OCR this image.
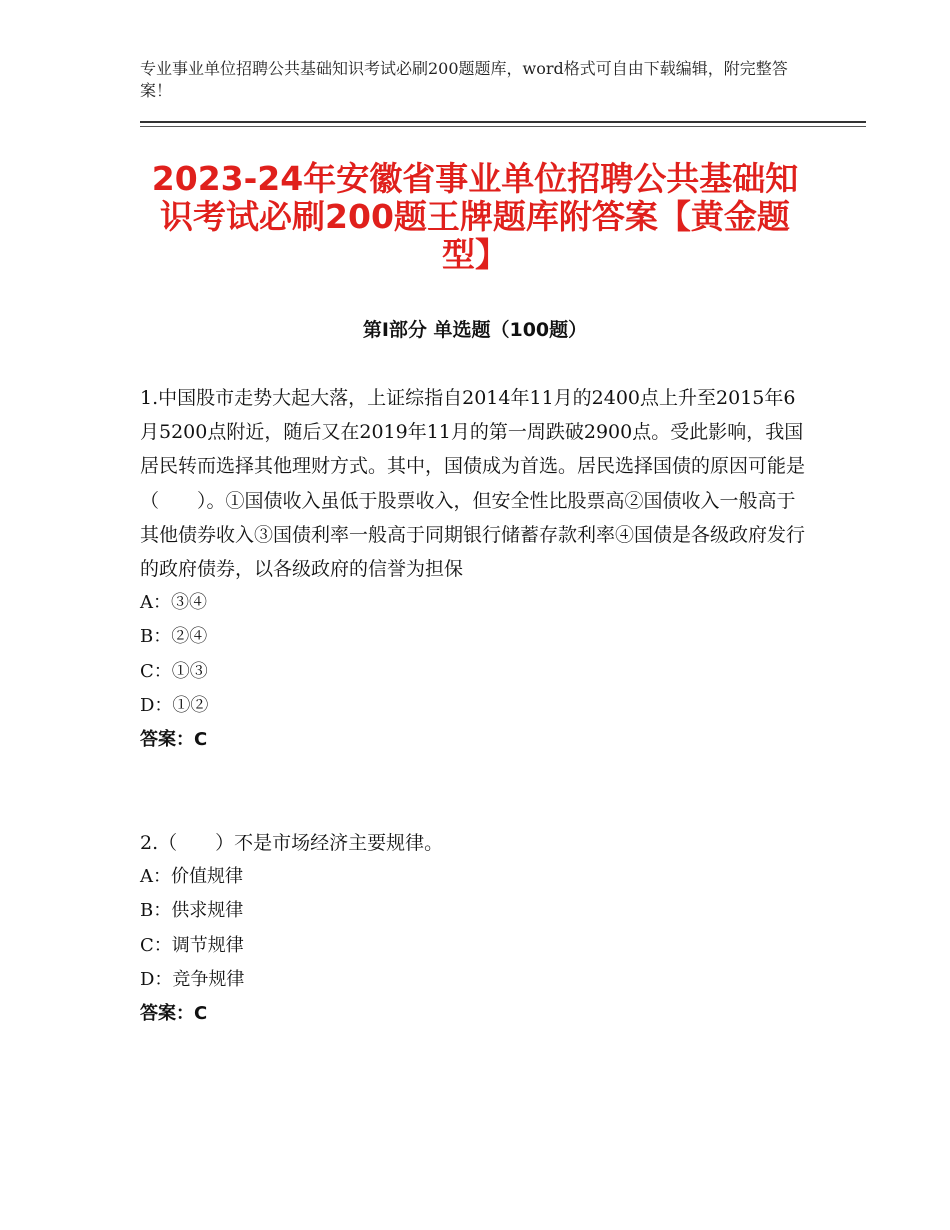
专业事业单位招聘公共基础知识考试必刷200题题库，word格式可自由下载编辑，附完整答案！
2023-24年安徽省事业单位招聘公共基础知识考试必刷200题王牌题库附答案【黄金题型】
第Ⅰ部分 单选题（100题）

1.中国股市走势大起大落，上证综指自2014年11月的2400点上升至2015年6月5200点附近，随后又在2019年11月的第一周跌破2900点。受此影响，我国居民转而选择其他理财方式。其中，国债成为首选。居民选择国债的原因可能是（　　）。①国债收入虽低于股票收入，但安全性比股票高②国债收入一般高于其他债券收入③国债利率一般高于同期银行储蓄存款利率④国债是各级政府发行的政府债券，以各级政府的信誉为担保

A：③④

B：②④

C：①③

D：①②

答案：C

2.（　　）不是市场经济主要规律。

A：价值规律

B：供求规律

C：调节规律

D：竞争规律

答案：C
